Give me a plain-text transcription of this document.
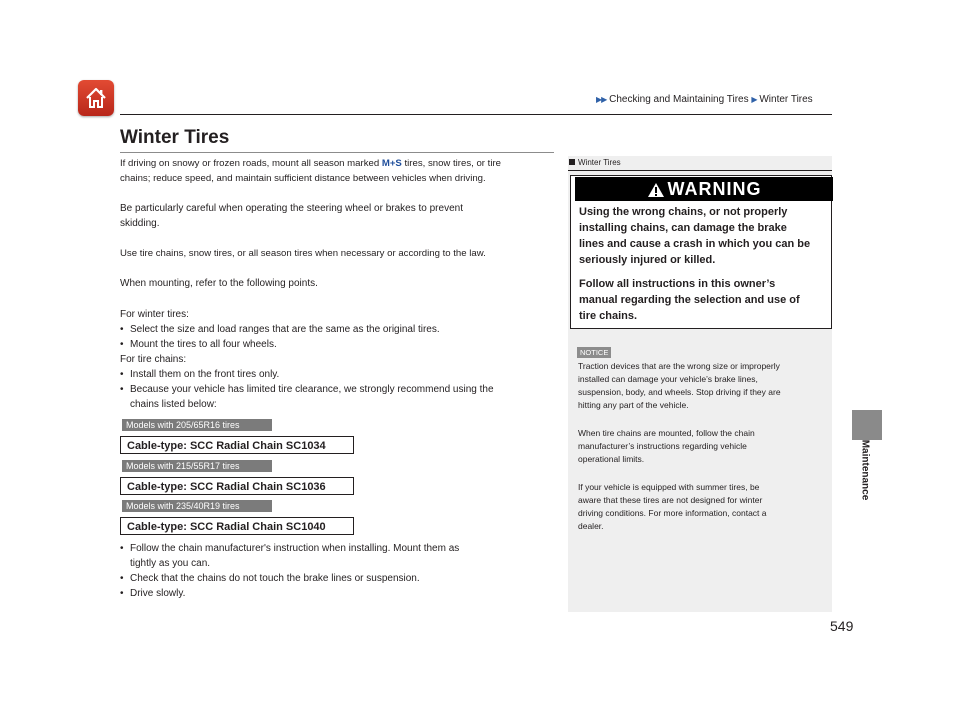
▶▶ Checking and Maintaining Tires ▶ Winter Tires
Maintenance
549
Winter Tires
If driving on snowy or frozen roads, mount all season marked M+S tires, snow tires, or tire
chains; reduce speed, and maintain sufficient distance between vehicles when driving.
Be particularly careful when operating the steering wheel or brakes to prevent
skidding.
Use tire chains, snow tires, or all season tires when necessary or according to the law.
When mounting, refer to the following points.
For winter tires:
• Select the size and load ranges that are the same as the original tires.
• Mount the tires to all four wheels.
For tire chains:
• Install them on the front tires only.
• Because your vehicle has limited tire clearance, we strongly recommend using the
chains listed below:
Models with 205/65R16 tires
Cable-type: SCC Radial Chain SC1034
Models with 215/55R17 tires
Cable-type: SCC Radial Chain SC1036
Models with 235/40R19 tires
Cable-type: SCC Radial Chain SC1040
• Follow the chain manufacturer's instruction when installing. Mount them as
tightly as you can.
• Check that the chains do not touch the brake lines or suspension.
• Drive slowly.
Winter Tires
WARNING
Using the wrong chains, or not properly
installing chains, can damage the brake
lines and cause a crash in which you can be
seriously injured or killed.
Follow all instructions in this owner’s
manual regarding the selection and use of
tire chains.
NOTICE
Traction devices that are the wrong size or improperly
installed can damage your vehicle’s brake lines,
suspension, body, and wheels. Stop driving if they are
hitting any part of the vehicle.
When tire chains are mounted, follow the chain
manufacturer’s instructions regarding vehicle
operational limits.
If your vehicle is equipped with summer tires, be
aware that these tires are not designed for winter
driving conditions. For more information, contact a
dealer.
